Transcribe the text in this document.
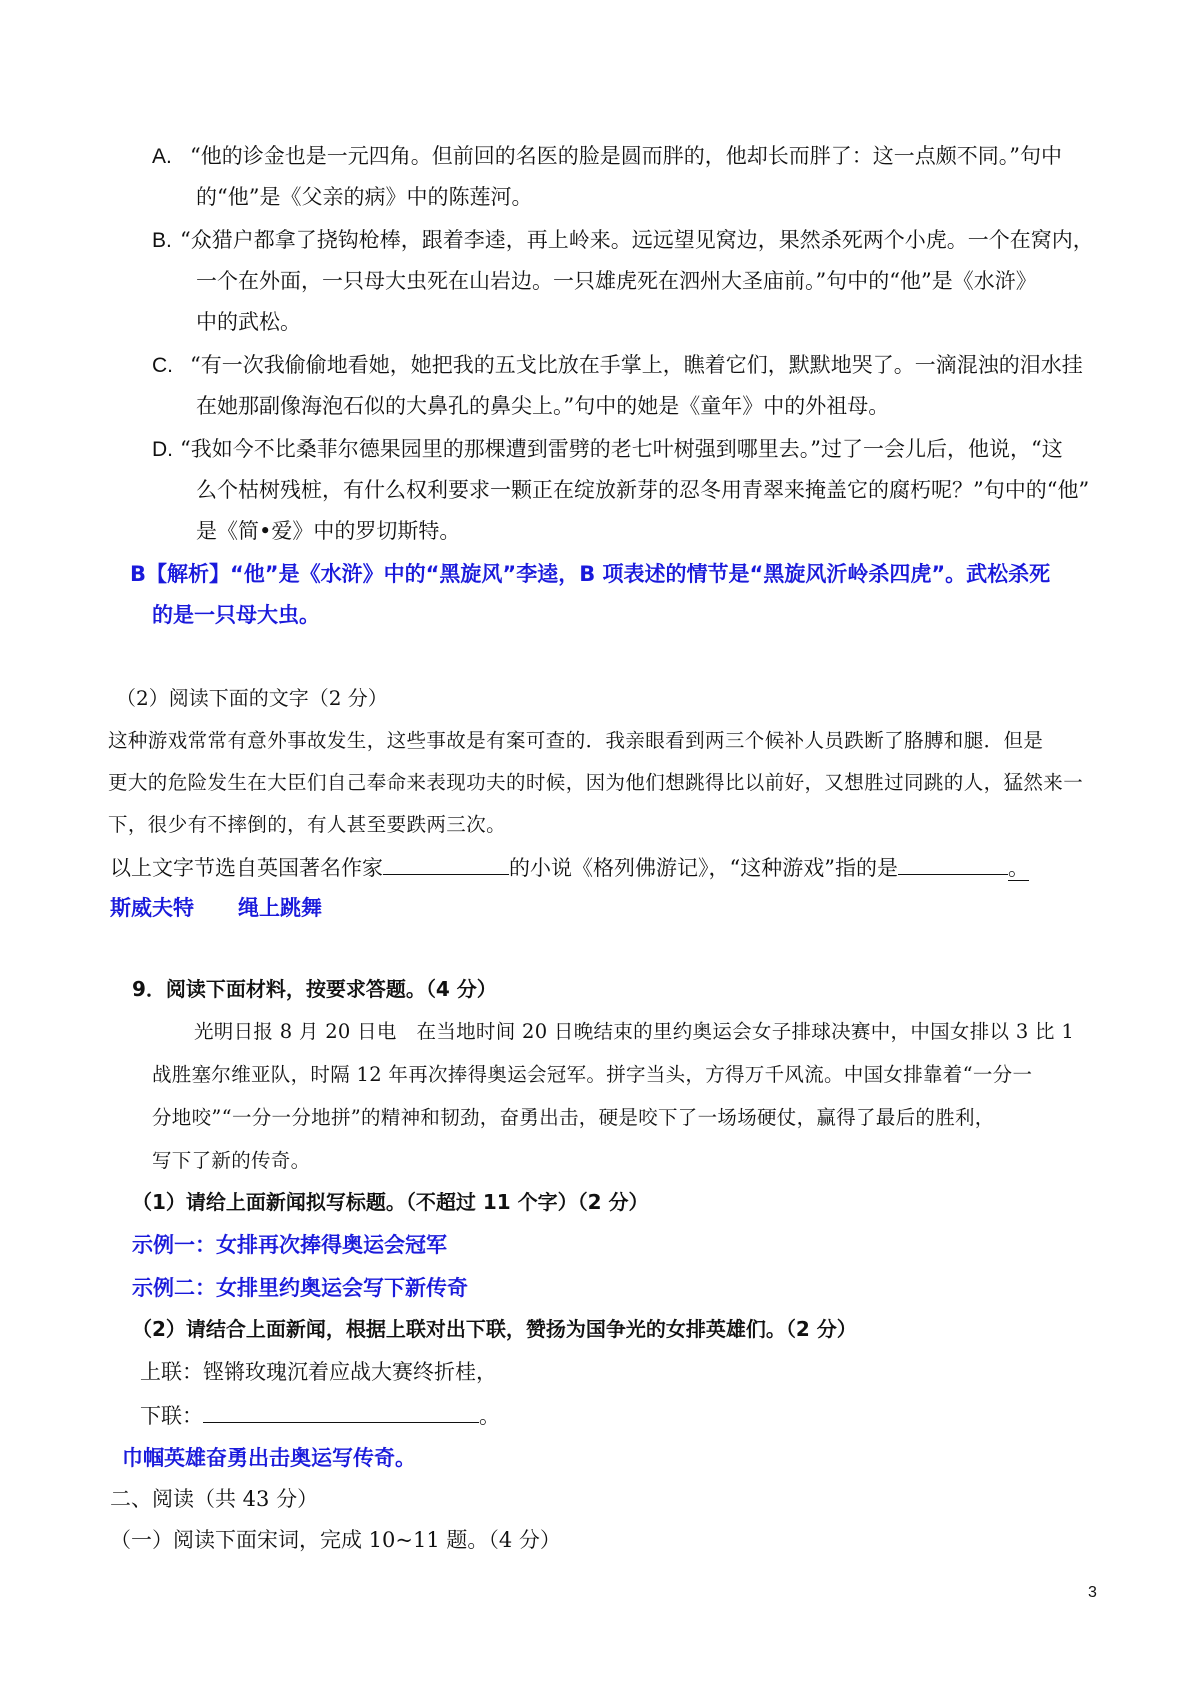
A. “他的诊金也是一元四角。但前回的名医的脸是圆而胖的，他却长而胖了：这一点颇不同。”句中
的“他”是《父亲的病》中的陈莲河。
B. “众猎户都拿了挠钩枪棒，跟着李逵，再上岭来。远远望见窝边，果然杀死两个小虎。一个在窝内，
一个在外面，一只母大虫死在山岩边。一只雄虎死在泗州大圣庙前。”句中的“他”是《水浒》
中的武松。
C. “有一次我偷偷地看她，她把我的五戈比放在手掌上，瞧着它们，默默地哭了。一滴混浊的泪水挂
在她那副像海泡石似的大鼻孔的鼻尖上。”句中的她是《童年》中的外祖母。
D. “我如今不比桑菲尔德果园里的那棵遭到雷劈的老七叶树强到哪里去。”过了一会儿后，他说，“这
么个枯树残桩，有什么权利要求一颗正在绽放新芽的忍冬用青翠来掩盖它的腐朽呢？”句中的“他”
是《简•爱》中的罗切斯特。
B【解析】“他”是《水浒》中的“黑旋风”李逵，B 项表述的情节是“黑旋风沂岭杀四虎”。武松杀死
的是一只母大虫。
（2）阅读下面的文字（2 分）
这种游戏常常有意外事故发生，这些事故是有案可查的．我亲眼看到两三个候补人员跌断了胳膊和腿．但是
更大的危险发生在大臣们自己奉命来表现功夫的时候，因为他们想跳得比以前好，又想胜过同跳的人，猛然来一
下，很少有不摔倒的，有人甚至要跌两三次。
以上文字节选自英国著名作家	的小说《格列佛游记》，“这种游戏”指的是	。
斯威夫特 绳上跳舞
9．阅读下面材料，按要求答题。（4 分）
光明日报 8 月 20 日电　在当地时间 20 日晚结束的里约奥运会女子排球决赛中，中国女排以 3 比 1
战胜塞尔维亚队，时隔 12 年再次捧得奥运会冠军。拼字当头，方得万千风流。中国女排靠着“一分一
分地咬”“一分一分地拼”的精神和韧劲，奋勇出击，硬是咬下了一场场硬仗，赢得了最后的胜利，
写下了新的传奇。
（1）请给上面新闻拟写标题。（不超过 11 个字）（2 分）
示例一：女排再次捧得奥运会冠军
示例二：女排里约奥运会写下新传奇
（2）请结合上面新闻，根据上联对出下联，赞扬为国争光的女排英雄们。（2 分）
上联：铿锵玫瑰沉着应战大赛终折桂，
下联：	。
巾帼英雄奋勇出击奥运写传奇。
二、阅读（共 43 分）
（一）阅读下面宋词，完成 10~11 题。（4 分）
3
